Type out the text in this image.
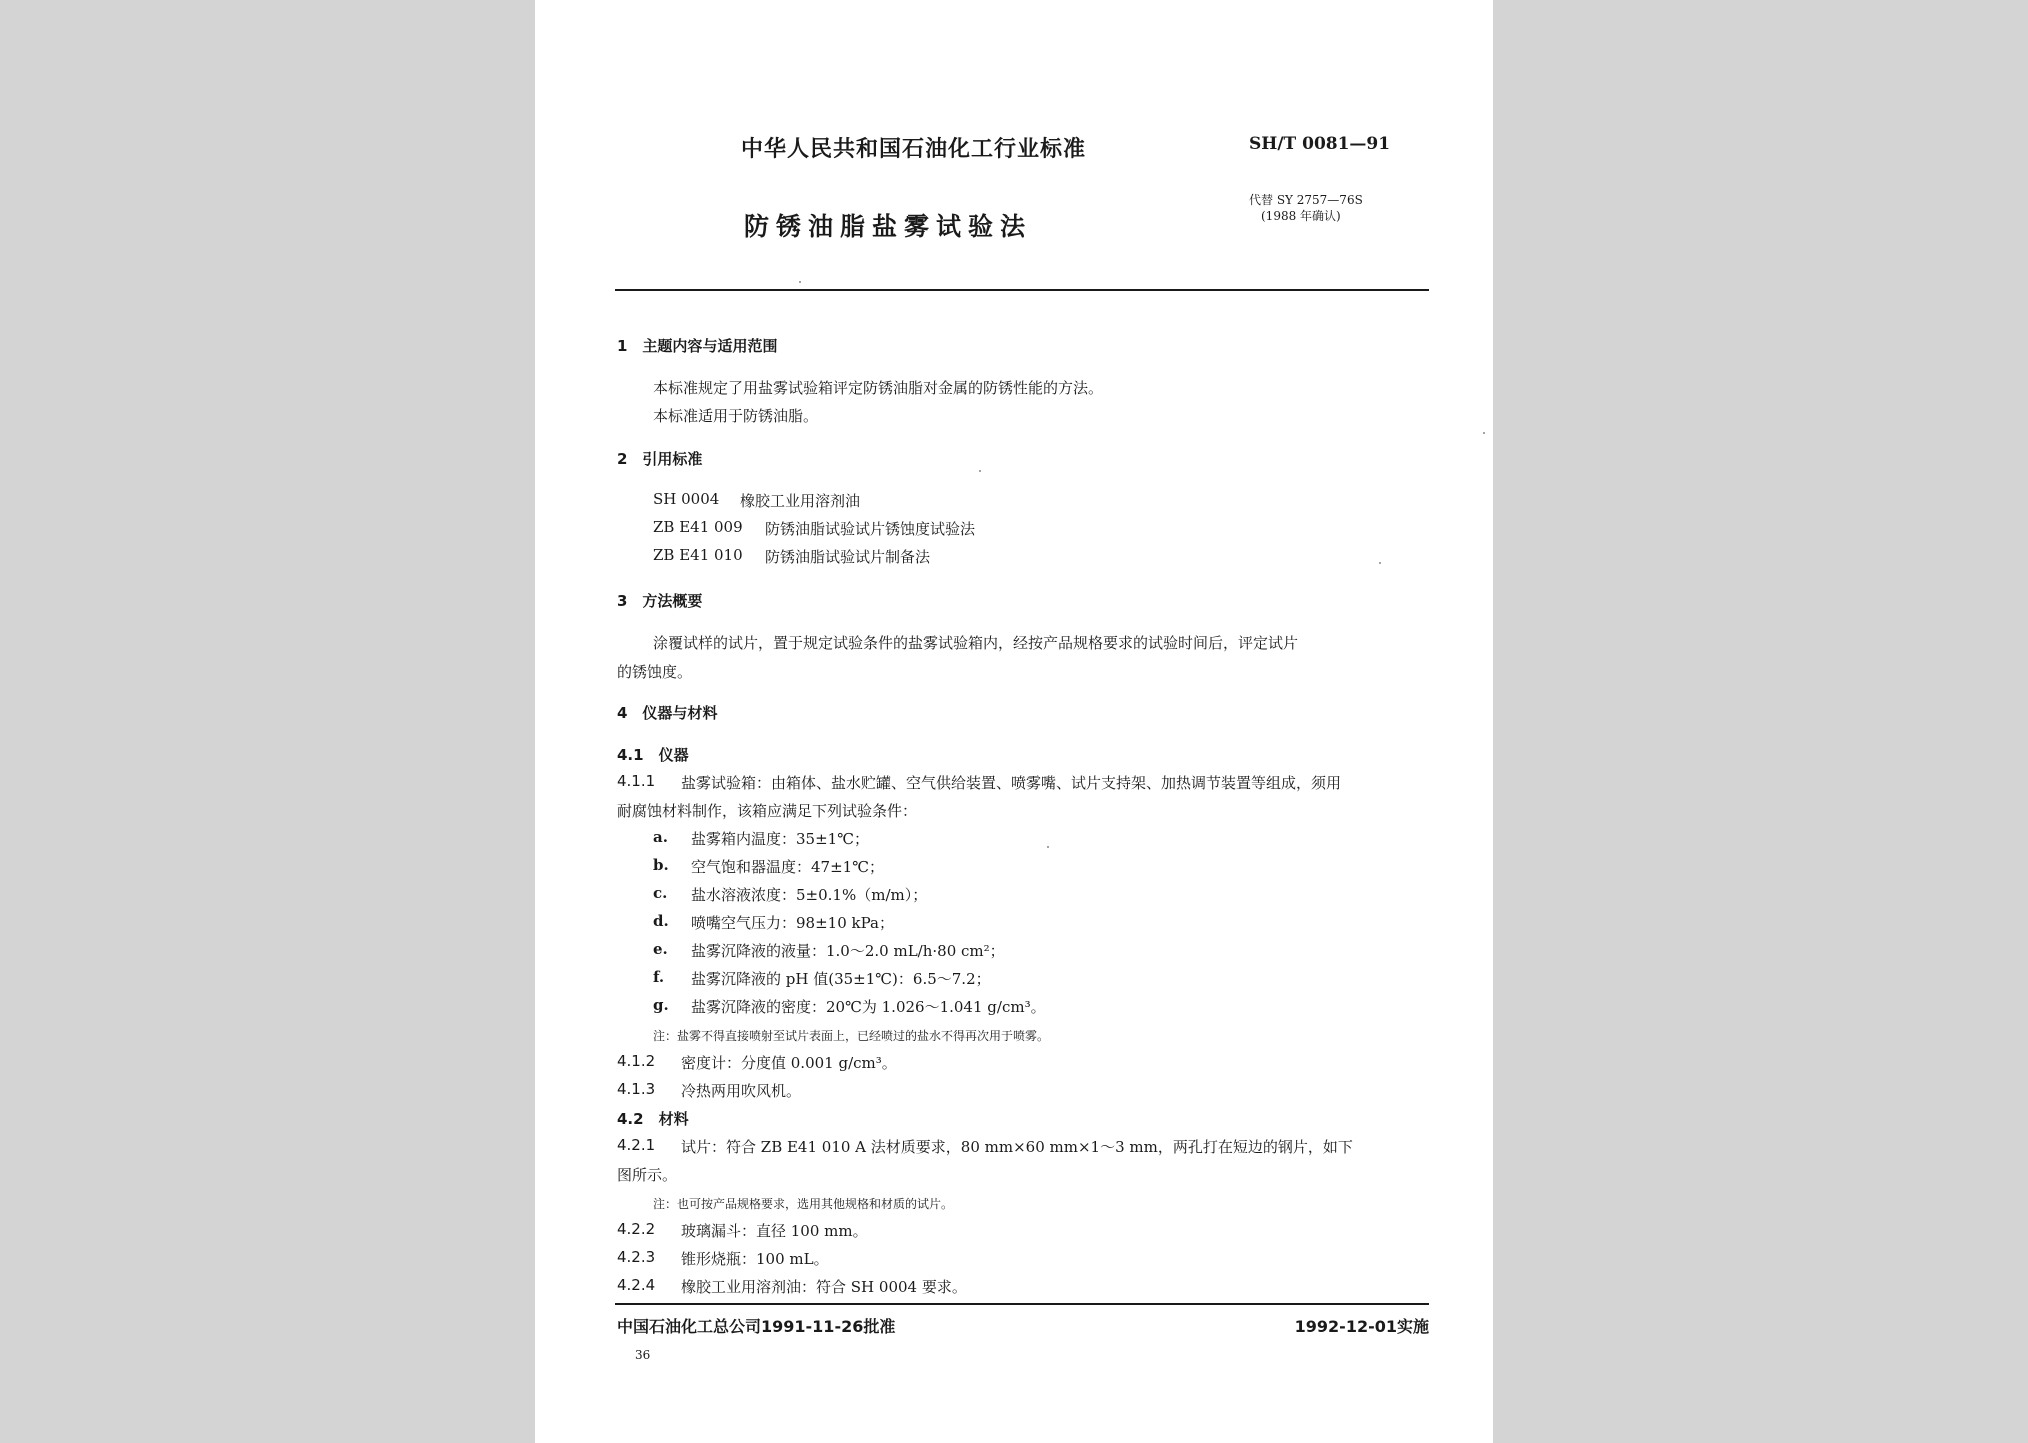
中华人民共和国石油化工行业标准	SH/T 0081—91
防锈油脂盐雾试验法
代替 SY 2757—76S
(1988 年确认)
1　主题内容与适用范围
本标准规定了用盐雾试验箱评定防锈油脂对金属的防锈性能的方法。
本标准适用于防锈油脂。
2　引用标准
SH 0004 橡胶工业用溶剂油
ZB E41 009 防锈油脂试验试片锈蚀度试验法
ZB E41 010 防锈油脂试验试片制备法
3　方法概要
涂覆试样的试片，置于规定试验条件的盐雾试验箱内，经按产品规格要求的试验时间后，评定试片
的锈蚀度。
4　仪器与材料
4.1　仪器
4.1.1 盐雾试验箱：由箱体、盐水贮罐、空气供给装置、喷雾嘴、试片支持架、加热调节装置等组成，须用
耐腐蚀材料制作，该箱应满足下列试验条件：
a. 盐雾箱内温度：35±1℃；
b. 空气饱和器温度：47±1℃；
c. 盐水溶液浓度：5±0.1%（m/m）；
d. 喷嘴空气压力：98±10 kPa；
e. 盐雾沉降液的液量：1.0～2.0 mL/h·80 cm²；
f. 盐雾沉降液的 pH 值(35±1℃)：6.5～7.2；
g. 盐雾沉降液的密度：20℃为 1.026～1.041 g/cm³。
注：盐雾不得直接喷射至试片表面上，已经喷过的盐水不得再次用于喷雾。
4.1.2 密度计：分度值 0.001 g/cm³。
4.1.3 冷热两用吹风机。
4.2　材料
4.2.1 试片：符合 ZB E41 010 A 法材质要求，80 mm×60 mm×1～3 mm，两孔打在短边的钢片，如下
图所示。
注：也可按产品规格要求，选用其他规格和材质的试片。
4.2.2 玻璃漏斗：直径 100 mm。
4.2.3 锥形烧瓶：100 mL。
4.2.4 橡胶工业用溶剂油：符合 SH 0004 要求。
中国石油化工总公司1991-11-26批准	1992-12-01实施
36
